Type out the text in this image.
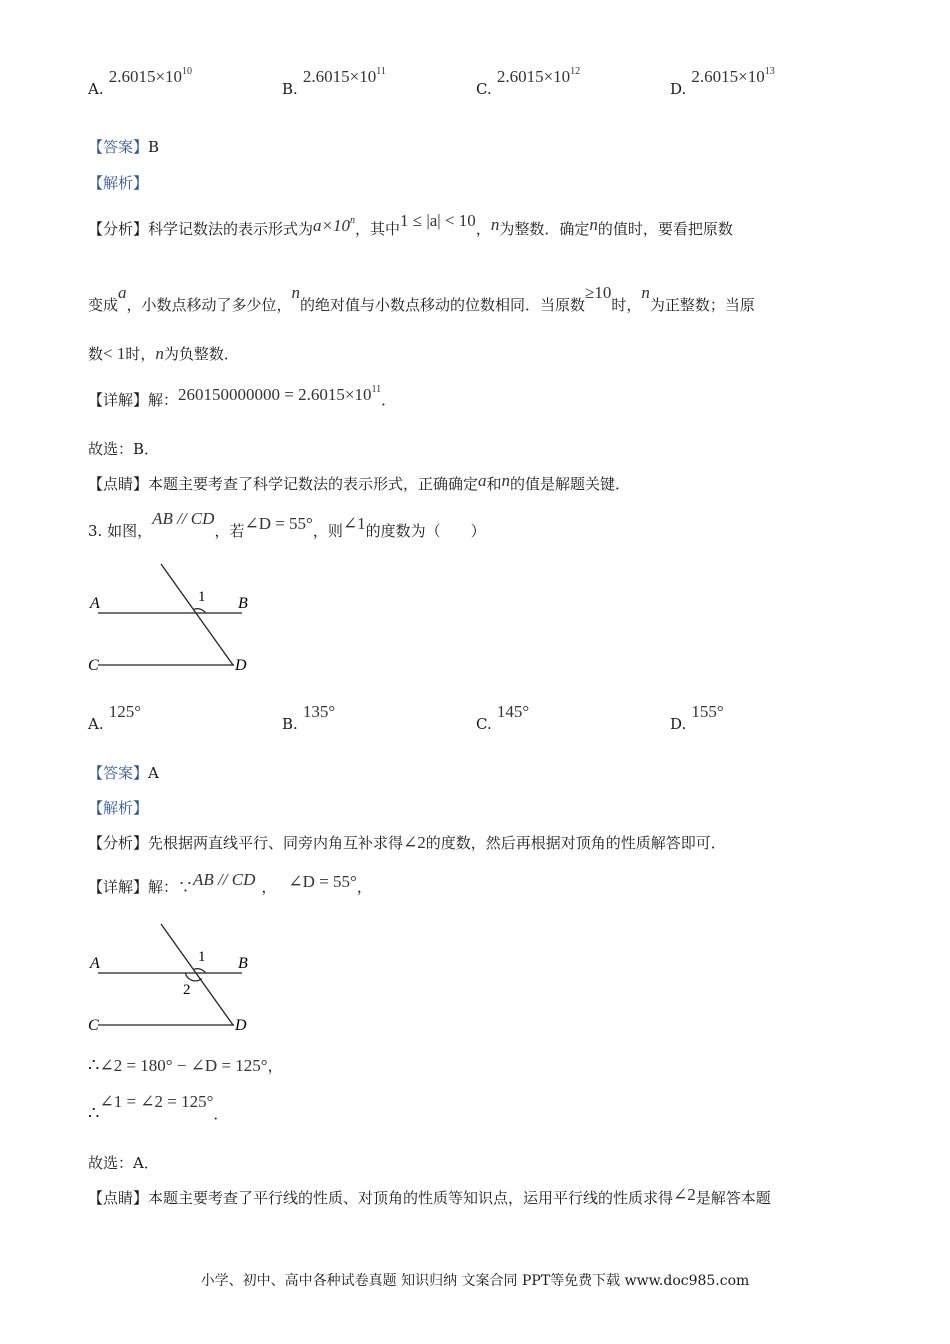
A. $2.6015\times 10^{10}$
B. $2.6015\times 10^{11}$
C. $2.6015\times 10^{12}$
D. $2.6015\times 10^{13}$
【答案】B
【解析】
【分析】科学记数法的表示形式为$a\times 10^n$，其中1 ≤ |a| < 10，n为整数．确定n的值时，要看把原数
变成a，小数点移动了多少位，n的绝对值与小数点移动的位数相同．当原数≥10时，n为正整数；当原
数< 1时，n为负整数．
【详解】解：$260150000000 = 2.6015\times 10^{11}$．
故选：B．
【点睛】本题主要考查了科学记数法的表示形式，正确确定a和n的值是解题关键．
3. 如图，AB // CD，若∠D = 55°，则∠1的度数为（　　）
A	B
C	D
1
A. 125°
B. 135°
C. 145°
D. 155°
【答案】A
【解析】
【分析】先根据两直线平行、同旁内角互补求得∠2的度数，然后再根据对顶角的性质解答即可．
【详解】解：∵AB // CD ， ∠D = 55°，
A	B
C	D
1
2
∴∠2 = 180° − ∠D = 125°，
∴∠1 = ∠2 = 125°．
故选：A．
【点睛】本题主要考查了平行线的性质、对顶角的性质等知识点，运用平行线的性质求得∠2是解答本题
小学、初中、高中各种试卷真题 知识归纳 文案合同 PPT等免费下载 www.doc985.com
